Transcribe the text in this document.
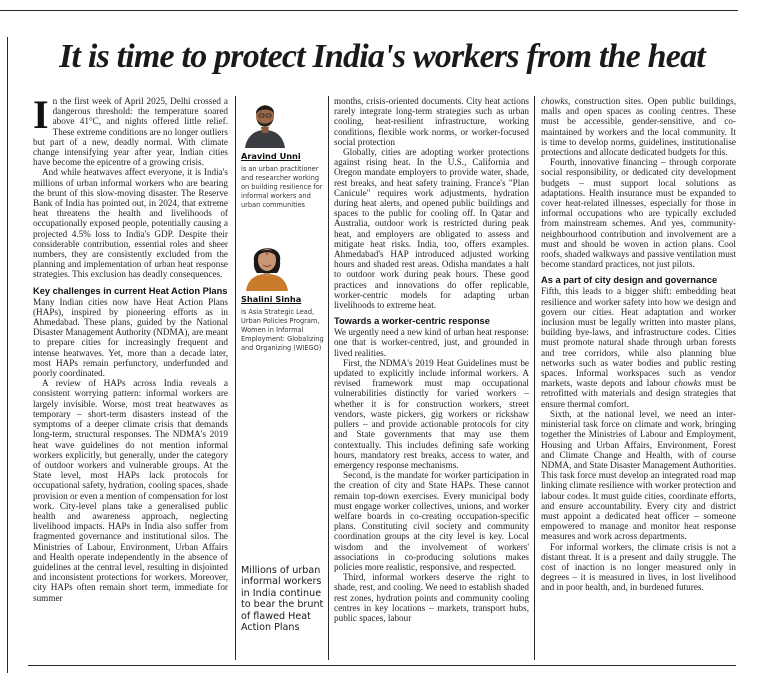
It is time to protect India's workers from the heat

In the first week of April 2025, Delhi crossed a dangerous threshold: the temperature soared above 41°C, and nights offered little relief. These extreme conditions are no longer outliers but part of a new, deadly normal. With climate change intensifying year after year, Indian cities have become the epicentre of a growing crisis.

And while heatwaves affect everyone, it is India's millions of urban informal workers who are bearing the brunt of this slow-moving disaster. The Reserve Bank of India has pointed out, in 2024, that extreme heat threatens the health and livelihoods of occupationally exposed people, potentially causing a projected 4.5% loss to India's GDP. Despite their considerable contribution, essential roles and sheer numbers, they are consistently excluded from the planning and implementation of urban heat response strategies. This exclusion has deadly consequences.

Key challenges in current Heat Action Plans

Many Indian cities now have Heat Action Plans (HAPs), inspired by pioneering efforts as in Ahmedabad. These plans, guided by the National Disaster Management Authority (NDMA), are meant to prepare cities for increasingly frequent and intense heatwaves. Yet, more than a decade later, most HAPs remain perfunctory, underfunded and poorly coordinated.

A review of HAPs across India reveals a consistent worrying pattern: informal workers are largely invisible. Worse, most treat heatwaves as temporary – short-term disasters instead of the symptoms of a deeper climate crisis that demands long-term, structural responses. The NDMA's 2019 heat wave guidelines do not mention informal workers explicitly, but generally, under the category of outdoor workers and vulnerable groups. At the State level, most HAPs lack protocols for occupational safety, hydration, cooling spaces, shade provision or even a mention of compensation for lost work. City-level plans take a generalised public health and awareness approach, neglecting livelihood impacts. HAPs in India also suffer from fragmented governance and institutional silos. The Ministries of Labour, Environment, Urban Affairs and Health operate independently in the absence of guidelines at the central level, resulting in disjointed and inconsistent protections for workers. Moreover, city HAPs often remain short term, immediate for summer

Aravind Unni

is an urban practitioner and researcher working on building resilience for informal workers and urban communities

Shalini Sinha

is Asia Strategic Lead, Urban Policies Program, Women in Informal Employment: Globalizing and Organizing (WIEGO)

Millions of urban informal workers in India continue to bear the brunt of flawed Heat Action Plans

months, crisis-oriented documents. City heat actions rarely integrate long-term strategies such as urban cooling, heat-resilient infrastructure, working conditions, flexible work norms, or worker-focused social protection

Globally, cities are adopting worker protections against rising heat. In the U.S., California and Oregon mandate employers to provide water, shade, rest breaks, and heat safety training. France's "Plan Canicule" requires work adjustments, hydration during heat alerts, and opened public buildings and spaces to the public for cooling off. In Qatar and Australia, outdoor work is restricted during peak heat, and employers are obligated to assess and mitigate heat risks. India, too, offers examples. Ahmedabad's HAP introduced adjusted working hours and shaded rest areas. Odisha mandates a halt to outdoor work during peak hours. These good practices and innovations do offer replicable, worker-centric models for adapting urban livelihoods to extreme heat.

Towards a worker-centric response

We urgently need a new kind of urban heat response: one that is worker-centred, just, and grounded in lived realities.

First, the NDMA's 2019 Heat Guidelines must be updated to explicitly include informal workers. A revised framework must map occupational vulnerabilities distinctly for varied workers –whether it is for construction workers, street vendors, waste pickers, gig workers or rickshaw pullers – and provide actionable protocols for city and State governments that may use them contextually. This includes defining safe working hours, mandatory rest breaks, access to water, and emergency response mechanisms.

Second, is the mandate for worker participation in the creation of city and State HAPs. These cannot remain top-down exercises. Every municipal body must engage worker collectives, unions, and worker welfare boards in co-creating occupation-specific plans. Constituting civil society and community coordination groups at the city level is key. Local wisdom and the involvement of workers' associations in co-producing solutions makes policies more realistic, responsive, and respected.

Third, informal workers deserve the right to shade, rest, and cooling. We need to establish shaded rest zones, hydration points and community cooling centres in key locations – markets, transport hubs, public spaces, labour

chowks, construction sites. Open public buildings, malls and open spaces as cooling centres. These must be accessible, gender-sensitive, and co-maintained by workers and the local community. It is time to develop norms, guidelines, institutionalise protections and allocate dedicated budgets for this.

Fourth, innovative financing – through corporate social responsibility, or dedicated city development budgets – must support local solutions as adaptations. Health insurance must be expanded to cover heat-related illnesses, especially for those in informal occupations who are typically excluded from mainstream schemes. And yes, community-neighbourhood contribution and involvement are a must and should be woven in action plans. Cool roofs, shaded walkways and passive ventilation must become standard practices, not just pilots.

As a part of city design and governance

Fifth, this leads to a bigger shift: embedding heat resilience and worker safety into how we design and govern our cities. Heat adaptation and worker inclusion must be legally written into master plans, building bye-laws, and infrastructure codes. Cities must promote natural shade through urban forests and tree corridors, while also planning blue networks such as water bodies and public resting spaces. Informal workspaces such as vendor markets, waste depots and labour chowks must be retrofitted with materials and design strategies that ensure thermal comfort.

Sixth, at the national level, we need an inter-ministerial task force on climate and work, bringing together the Ministries of Labour and Employment, Housing and Urban Affairs, Environment, Forest and Climate Change and Health, with of course NDMA, and State Disaster Management Authorities. This task force must develop an integrated road map linking climate resilience with worker protection and labour codes. It must guide cities, coordinate efforts, and ensure accountability. Every city and district must appoint a dedicated heat officer – someone empowered to manage and monitor heat response measures and work across departments.

For informal workers, the climate crisis is not a distant threat. It is a present and daily struggle. The cost of inaction is no longer measured only in degrees – it is measured in lives, in lost livelihood and in poor health, and, in burdened futures.
